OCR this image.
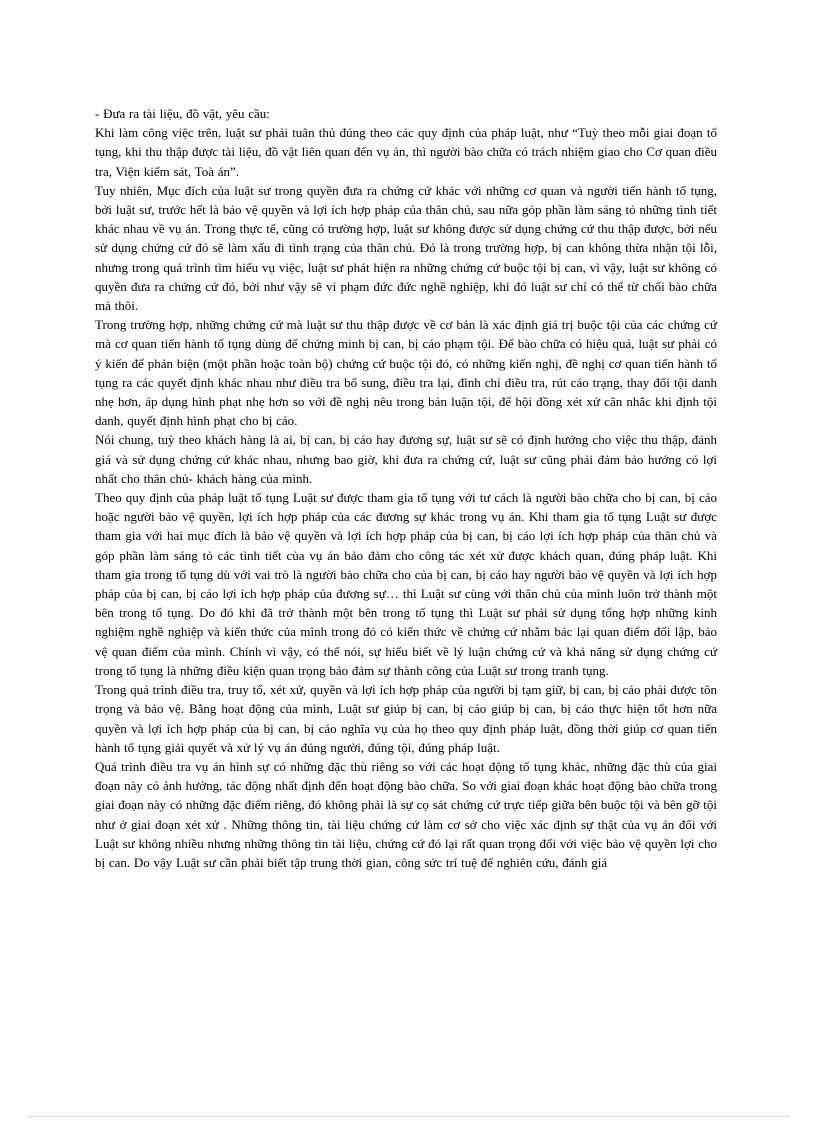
- Đưa ra tài liệu, đồ vật, yêu cầu:

Khi làm công việc trên, luật sư phải tuân thủ đúng theo các quy định của pháp luật, như “Tuỳ theo mỗi giai đoạn tố tụng, khi thu thập được tài liệu, đồ vật liên quan đến vụ án, thì người bào chữa có trách nhiệm giao cho Cơ quan điều tra, Viện kiểm sát, Toà án”.

Tuy nhiên, Mục đích của luật sư trong quyền đưa ra chứng cứ khác với những cơ quan và người tiến hành tố tụng, bởi luật sư, trước hết là bảo vệ quyền và lợi ích hợp pháp của thân chủ, sau nữa góp phần làm sáng tỏ những tình tiết khác nhau về vụ án. Trong thực tế, cũng có trường hợp, luật sư không được sử dụng chứng cứ thu thập được, bởi nếu sử dụng chứng cứ đó sẽ làm xấu đi tình trạng của thân chủ. Đó là trong trường hợp, bị can không thừa nhận tội lỗi, nhưng trong quá trình tìm hiểu vụ việc, luật sư phát hiện ra những chứng cứ buộc tội bị can, vì vậy, luật sư không có quyền đưa ra chứng cứ đó, bởi như vậy sẽ vi phạm đức đức nghề nghiệp, khi đó luật sư chỉ có thể từ chối bào chữa mà thôi.

Trong trường hợp, những chứng cứ mà luật sư thu thập được về cơ bản là xác định giá trị buộc tội của các chứng cứ mà cơ quan tiến hành tố tụng dùng để chứng minh bị can, bị cáo phạm tội. Để bào chữa có hiệu quả, luật sư phải có ý kiến để phản biện (một phần hoặc toàn bộ) chứng cứ buộc tội đó, có những kiến nghị, đề nghị cơ quan tiến hành tố tụng ra các quyết định khác nhau như điều tra bổ sung, điều tra lại, đình chỉ điều tra, rút cáo trạng, thay đổi tội danh nhẹ hơn, áp dụng hình phạt nhẹ hơn so với đề nghị nêu trong bản luận tội, để hội đồng xét xử cân nhắc khi định tội danh, quyết định hình phạt cho bị cáo.

Nói chung, tuỳ theo khách hàng là ai, bị can, bị cáo hay đương sự, luật sư sẽ có định hướng cho việc thu thập, đánh giá và sử dụng chứng cứ khác nhau, nhưng bao giờ, khi đưa ra chứng cứ, luật sư cũng phải đảm bảo hướng có lợi nhất cho thân chủ- khách hàng của mình.

Theo quy định của pháp luật tố tụng Luật sư được tham gia tố tụng với tư cách là người bào chữa cho bị can, bị cáo hoặc người bảo vệ quyền, lợi ích hợp pháp của các đương sự khác trong vụ án. Khi tham gia tố tụng Luật sư được tham gia với hai mục đích là bảo vệ quyền và lợi ích hợp pháp của bị can, bị cáo lợi ích hợp pháp của thân chủ và góp phần làm sáng tỏ các tình tiết của vụ án bảo đảm cho công tác xét xử được khách quan, đúng pháp luật. Khi tham gia trong tố tụng dù với vai trò là người bào chữa cho của bị can, bị cáo hay người bảo vệ quyền và lợi ích hợp pháp của bị can, bị cáo lợi ích hợp pháp của đương sự… thì Luật sư cùng với thân chủ của mình luôn trở thành một bên trong tố tụng. Do đó khi đã trở thành một bên trong tố tụng thì Luật sư phải sử dụng tổng hợp những kinh nghiệm nghề nghiệp và kiến thức của mình trong đó có kiến thức về chứng cứ nhằm bác lại quan điểm đối lập, bảo vệ quan điểm của mình. Chính vì vậy, có thể nói, sự hiểu biết về lý luận chứng cứ và khả năng sử dụng chứng cứ trong tố tụng là những điều kiện quan trọng bảo đảm sự thành công của Luật sư trong tranh tụng.

Trong quá trình điều tra, truy tố, xét xử, quyền và lợi ích hợp pháp của người bị tạm giữ, bị can, bị cáo phải được tôn trọng và bảo vệ. Bằng hoạt động của mình, Luật sư giúp bị can, bị cáo giúp bị can, bị cáo thực hiện tốt hơn nữa quyền và lợi ích hợp pháp của bị can, bị cáo nghĩa vụ của họ theo quy định pháp luật, đồng thời giúp cơ quan tiến hành tố tụng giải quyết và xử lý vụ án đúng người, đúng tội, đúng pháp luật.

Quá trình điều tra vụ án hình sự có những đặc thù riêng so với các hoạt động tố tụng khác, những đặc thù của giai đoạn này có ảnh hưởng, tác động nhất định đến hoạt động bào chữa. So với giai đoạn khác hoạt động bào chữa trong giai đoạn này có những đặc điểm riêng, đó không phải là sự cọ sát chứng cứ trực tiếp giữa bên buộc tội và bên gỡ tội như ở giai đoạn xét xử . Những thông tin, tài liệu chứng cứ làm cơ sở cho việc xác định sự thật của vụ án đối với Luật sư không nhiều nhưng những thông tin tài liệu, chứng cứ đó lại rất quan trọng đối với việc bảo vệ quyền lợi cho bị can. Do vậy Luật sư cần phải biết tập trung thời gian, công sức trí tuệ để nghiên cứu, đánh giá
